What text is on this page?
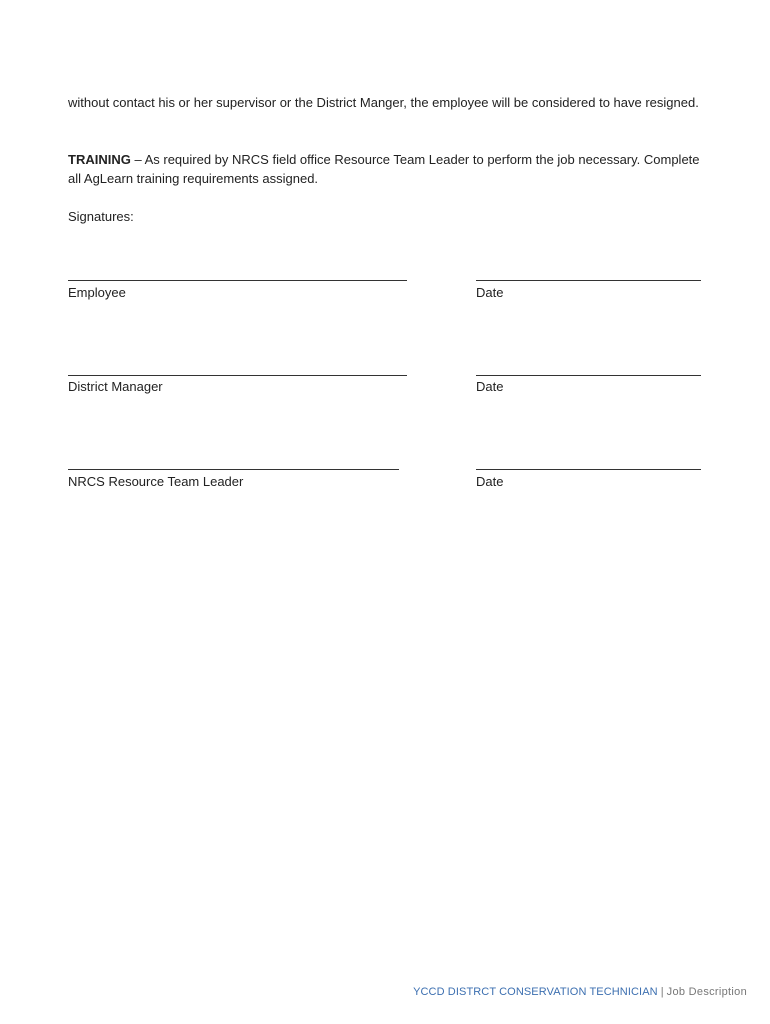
without contact his or her supervisor or the District Manger, the employee will be considered to have resigned.

TRAINING – As required by NRCS field office Resource Team Leader to perform the job necessary. Complete all AgLearn training requirements assigned.

Signatures:

Employee	Date

District Manager	Date

NRCS Resource Team Leader	Date

YCCD DISTRCT CONSERVATION TECHNICIAN | Job Description
